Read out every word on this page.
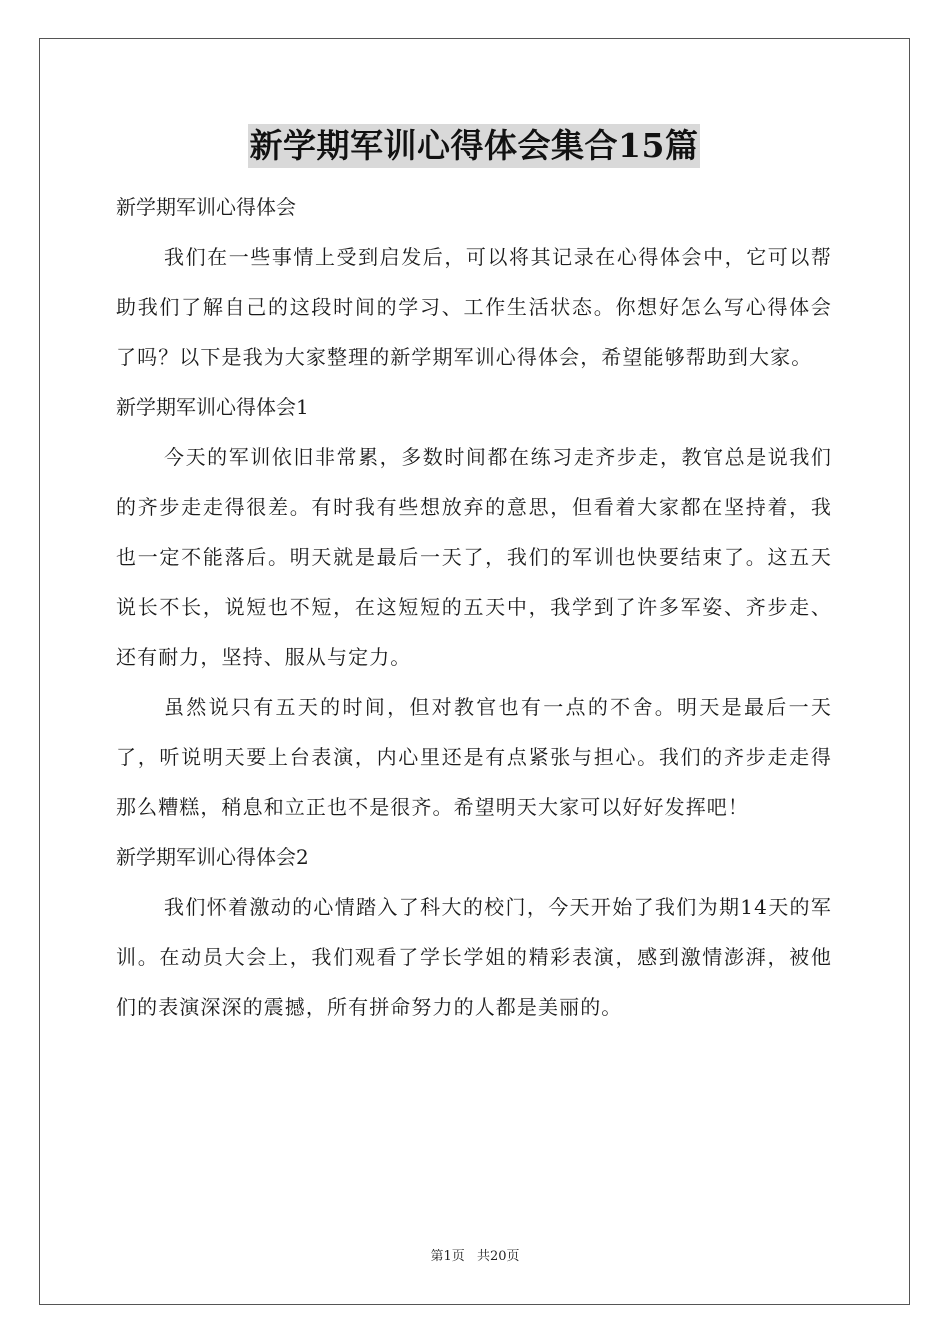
新学期军训心得体会集合15篇

新学期军训心得体会

我们在一些事情上受到启发后，可以将其记录在心得体会中，它可以帮助我们了解自己的这段时间的学习、工作生活状态。你想好怎么写心得体会了吗？以下是我为大家整理的新学期军训心得体会，希望能够帮助到大家。

新学期军训心得体会1

今天的军训依旧非常累，多数时间都在练习走齐步走，教官总是说我们的齐步走走得很差。有时我有些想放弃的意思，但看着大家都在坚持着，我也一定不能落后。明天就是最后一天了，我们的军训也快要结束了。这五天说长不长，说短也不短，在这短短的五天中，我学到了许多军姿、齐步走、还有耐力，坚持、服从与定力。

虽然说只有五天的时间，但对教官也有一点的不舍。明天是最后一天了，听说明天要上台表演，内心里还是有点紧张与担心。我们的齐步走走得那么糟糕，稍息和立正也不是很齐。希望明天大家可以好好发挥吧！

新学期军训心得体会2

我们怀着激动的心情踏入了科大的校门，今天开始了我们为期14天的军训。在动员大会上，我们观看了学长学姐的精彩表演，感到激情澎湃，被他们的表演深深的震撼，所有拼命努力的人都是美丽的。

第1页 共20页
